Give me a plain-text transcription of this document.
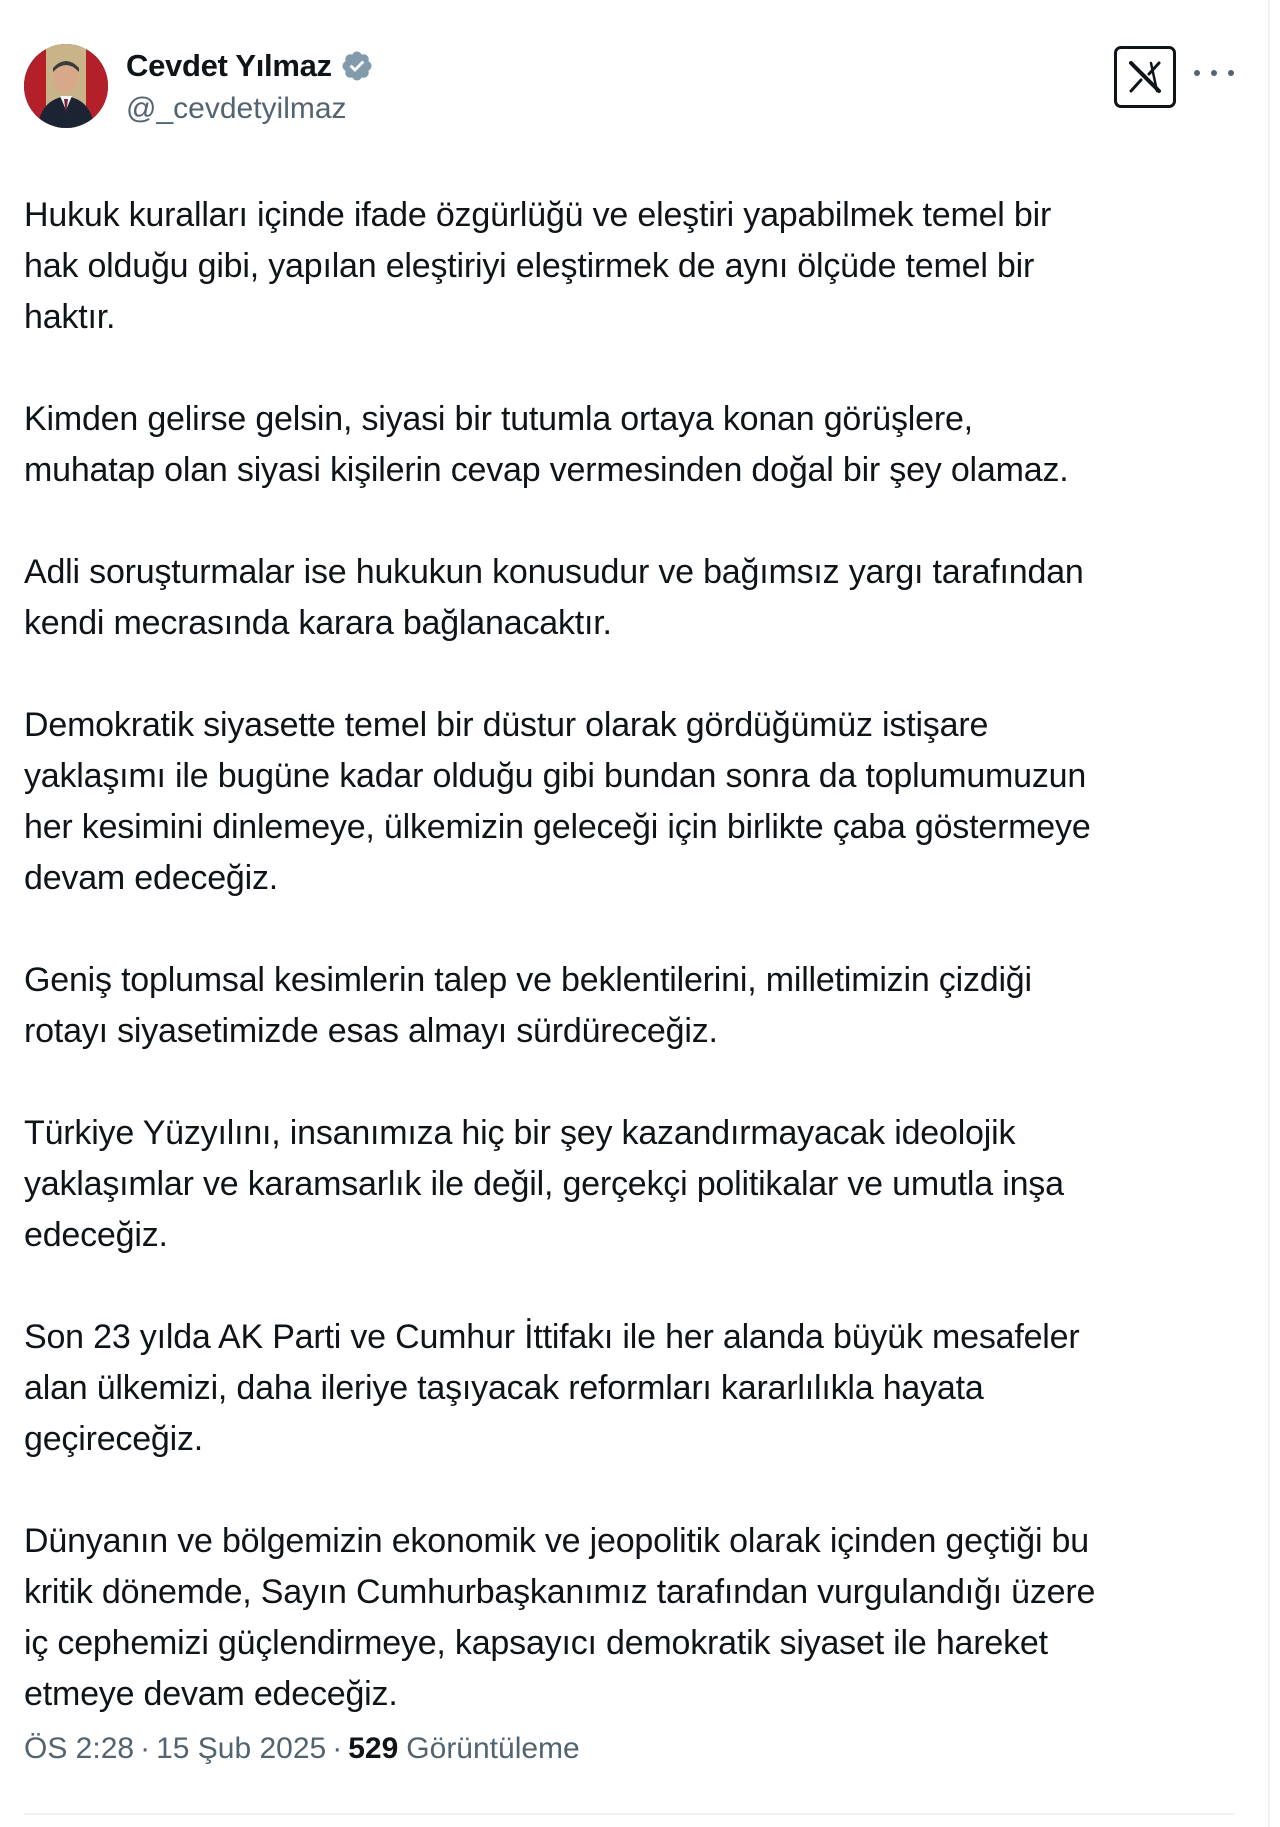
Cevdet Yılmaz
@_cevdetyilmaz

Hukuk kuralları içinde ifade özgürlüğü ve eleştiri yapabilmek temel bir
hak olduğu gibi, yapılan eleştiriyi eleştirmek de aynı ölçüde temel bir
haktır.

Kimden gelirse gelsin, siyasi bir tutumla ortaya konan görüşlere,
muhatap olan siyasi kişilerin cevap vermesinden doğal bir şey olamaz.

Adli soruşturmalar ise hukukun konusudur ve bağımsız yargı tarafından
kendi mecrasında karara bağlanacaktır.

Demokratik siyasette temel bir düstur olarak gördüğümüz istişare
yaklaşımı ile bugüne kadar olduğu gibi bundan sonra da toplumumuzun
her kesimini dinlemeye, ülkemizin geleceği için birlikte çaba göstermeye
devam edeceğiz.

Geniş toplumsal kesimlerin talep ve beklentilerini, milletimizin çizdiği
rotayı siyasetimizde esas almayı sürdüreceğiz.

Türkiye Yüzyılını, insanımıza hiç bir şey kazandırmayacak ideolojik
yaklaşımlar ve karamsarlık ile değil, gerçekçi politikalar ve umutla inşa
edeceğiz.

Son 23 yılda AK Parti ve Cumhur İttifakı ile her alanda büyük mesafeler
alan ülkemizi, daha ileriye taşıyacak reformları kararlılıkla hayata
geçireceğiz.

Dünyanın ve bölgemizin ekonomik ve jeopolitik olarak içinden geçtiği bu
kritik dönemde, Sayın Cumhurbaşkanımız tarafından vurgulandığı üzere
iç cephemizi güçlendirmeye, kapsayıcı demokratik siyaset ile hareket
etmeye devam edeceğiz.

ÖS 2:28 · 15 Şub 2025 · 529 Görüntüleme
